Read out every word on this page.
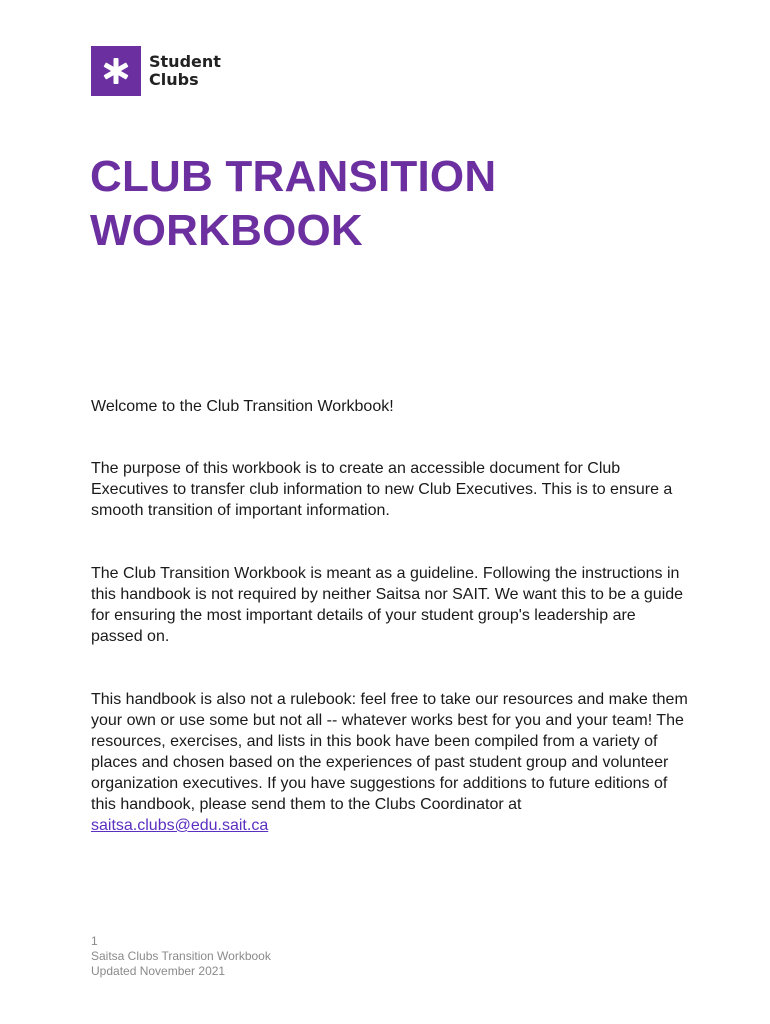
Student
Clubs
CLUB TRANSITION
WORKBOOK

Welcome to the Club Transition Workbook!

The purpose of this workbook is to create an accessible document for Club Executives to transfer club information to new Club Executives. This is to ensure a smooth transition of important information.

The Club Transition Workbook is meant as a guideline. Following the instructions in this handbook is not required by neither Saitsa nor SAIT. We want this to be a guide for ensuring the most important details of your student group's leadership are passed on.

This handbook is also not a rulebook: feel free to take our resources and make them your own or use some but not all -- whatever works best for you and your team! The resources, exercises, and lists in this book have been compiled from a variety of places and chosen based on the experiences of past student group and volunteer organization executives. If you have suggestions for additions to future editions of this handbook, please send them to the Clubs Coordinator at saitsa.clubs@edu.sait.ca

1
Saitsa Clubs Transition Workbook
Updated November 2021
